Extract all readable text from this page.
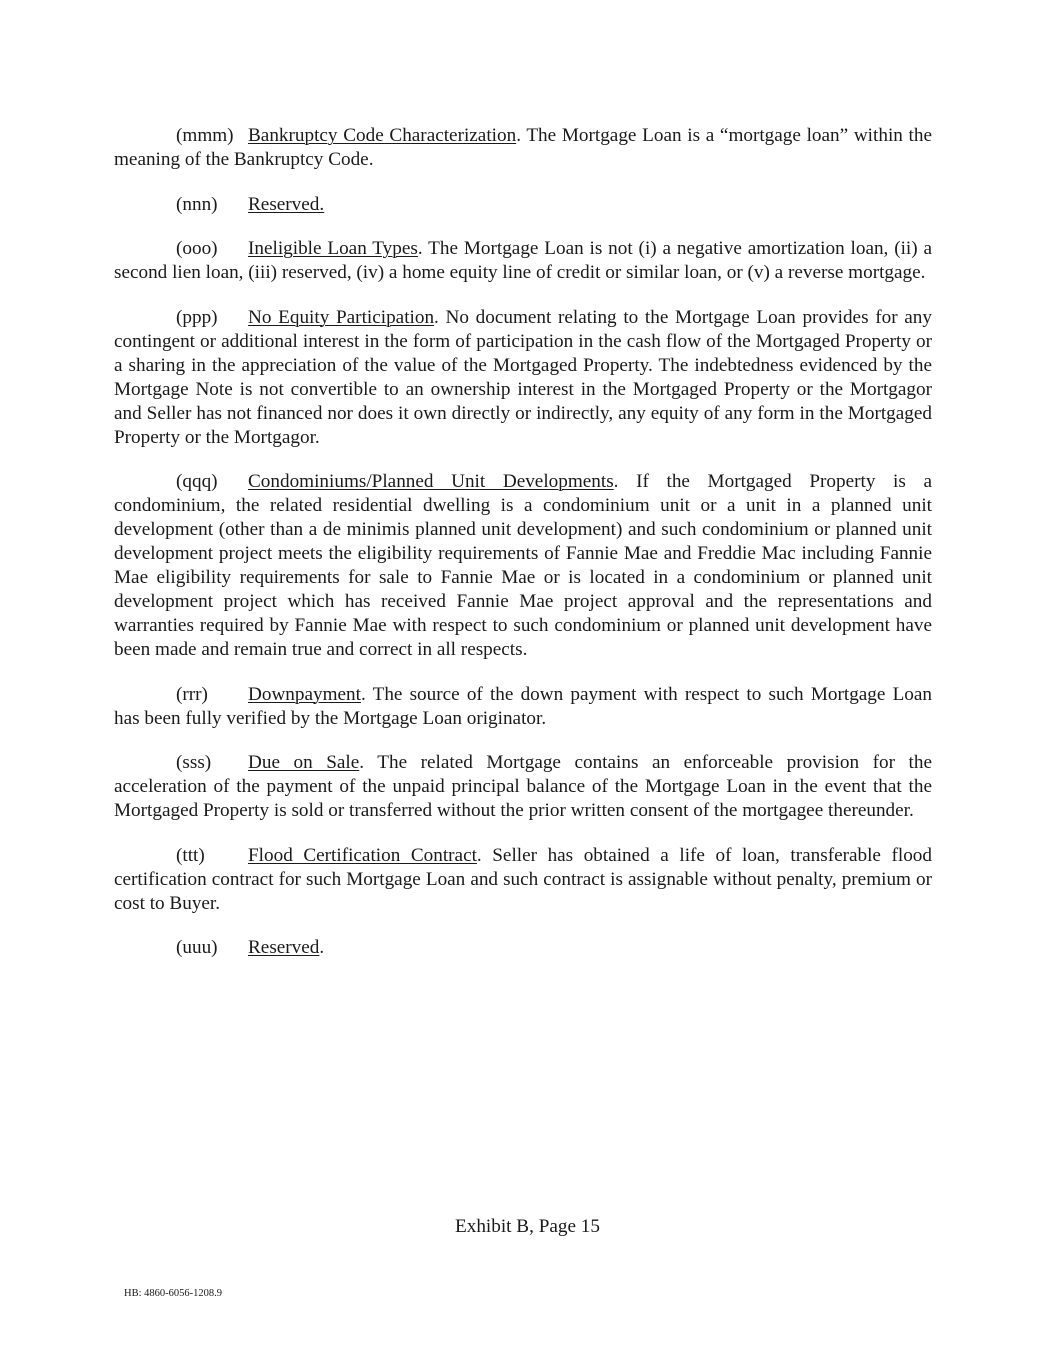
(mmm) Bankruptcy Code Characterization. The Mortgage Loan is a “mortgage loan” within the meaning of the Bankruptcy Code.

(nnn) Reserved.

(ooo) Ineligible Loan Types. The Mortgage Loan is not (i) a negative amortization loan, (ii) a second lien loan, (iii) reserved, (iv) a home equity line of credit or similar loan, or (v) a reverse mortgage.

(ppp) No Equity Participation. No document relating to the Mortgage Loan provides for any contingent or additional interest in the form of participation in the cash flow of the Mortgaged Property or a sharing in the appreciation of the value of the Mortgaged Property. The indebtedness evidenced by the Mortgage Note is not convertible to an ownership interest in the Mortgaged Property or the Mortgagor and Seller has not financed nor does it own directly or indirectly, any equity of any form in the Mortgaged Property or the Mortgagor.

(qqq) Condominiums/Planned Unit Developments. If the Mortgaged Property is a condominium, the related residential dwelling is a condominium unit or a unit in a planned unit development (other than a de minimis planned unit development) and such condominium or planned unit development project meets the eligibility requirements of Fannie Mae and Freddie Mac including Fannie Mae eligibility requirements for sale to Fannie Mae or is located in a condominium or planned unit development project which has received Fannie Mae project approval and the representations and warranties required by Fannie Mae with respect to such condominium or planned unit development have been made and remain true and correct in all respects.

(rrr) Downpayment. The source of the down payment with respect to such Mortgage Loan has been fully verified by the Mortgage Loan originator.

(sss) Due on Sale. The related Mortgage contains an enforceable provision for the acceleration of the payment of the unpaid principal balance of the Mortgage Loan in the event that the Mortgaged Property is sold or transferred without the prior written consent of the mortgagee thereunder.

(ttt) Flood Certification Contract. Seller has obtained a life of loan, transferable flood certification contract for such Mortgage Loan and such contract is assignable without penalty, premium or cost to Buyer.

(uuu) Reserved.

Exhibit B, Page 15
HB: 4860-6056-1208.9
